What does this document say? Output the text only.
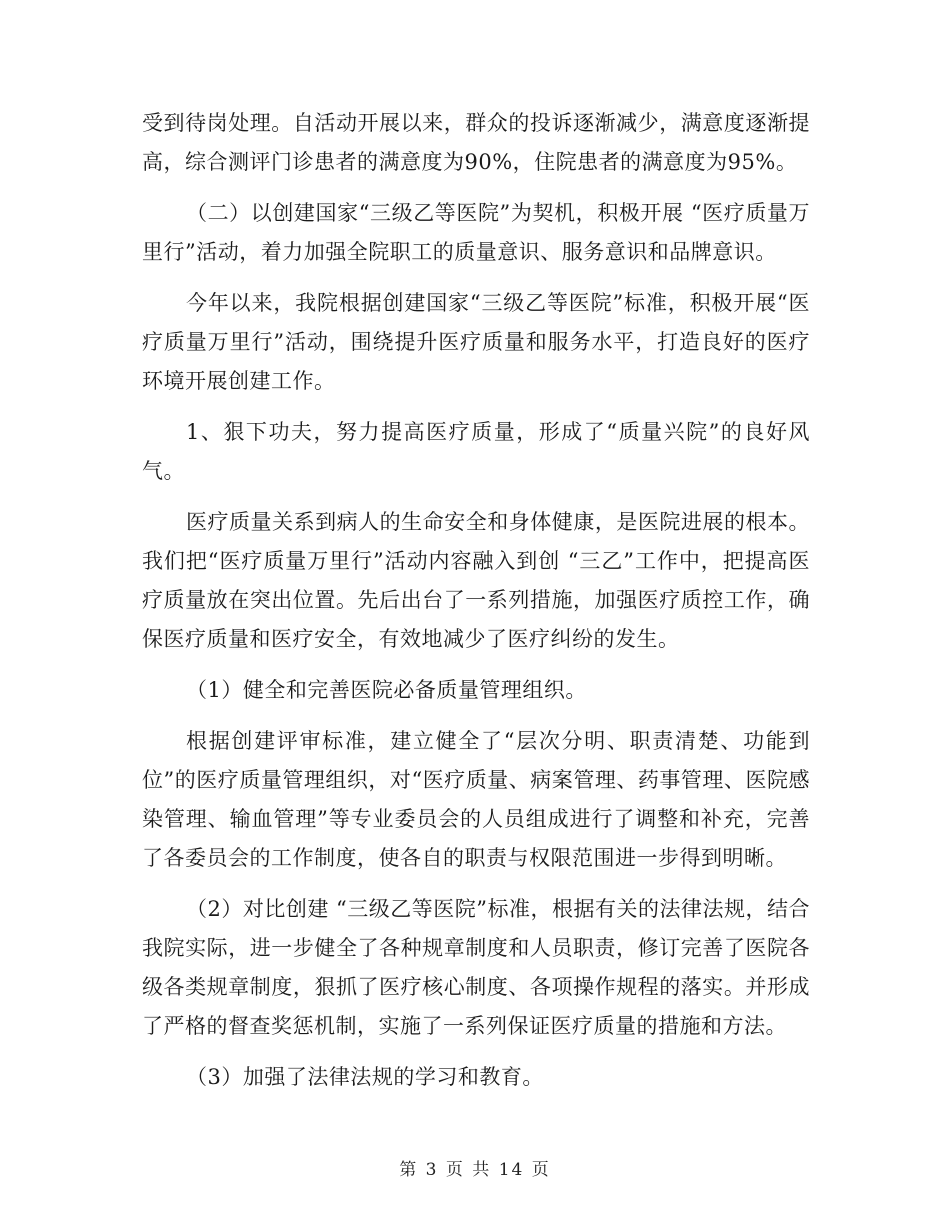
受到待岗处理。自活动开展以来，群众的投诉逐渐减少，满意度逐渐提高，综合测评门诊患者的满意度为90%，住院患者的满意度为95%。

（二）以创建国家“三级乙等医院”为契机，积极开展 “医疗质量万里行”活动，着力加强全院职工的质量意识、服务意识和品牌意识。

今年以来，我院根据创建国家“三级乙等医院”标准，积极开展“医疗质量万里行”活动，围绕提升医疗质量和服务水平，打造良好的医疗环境开展创建工作。

1、狠下功夫，努力提高医疗质量，形成了“质量兴院”的良好风气。

医疗质量关系到病人的生命安全和身体健康，是医院进展的根本。我们把“医疗质量万里行”活动内容融入到创 “三乙”工作中，把提高医疗质量放在突出位置。先后出台了一系列措施，加强医疗质控工作，确保医疗质量和医疗安全，有效地减少了医疗纠纷的发生。

（1）健全和完善医院必备质量管理组织。

根据创建评审标准，建立健全了“层次分明、职责清楚、功能到位”的医疗质量管理组织，对“医疗质量、病案管理、药事管理、医院感染管理、输血管理”等专业委员会的人员组成进行了调整和补充，完善了各委员会的工作制度，使各自的职责与权限范围进一步得到明晰。

（2）对比创建 “三级乙等医院”标准，根据有关的法律法规，结合我院实际，进一步健全了各种规章制度和人员职责，修订完善了医院各级各类规章制度，狠抓了医疗核心制度、各项操作规程的落实。并形成了严格的督查奖惩机制，实施了一系列保证医疗质量的措施和方法。

（3）加强了法律法规的学习和教育。

第 3 页 共 14 页
